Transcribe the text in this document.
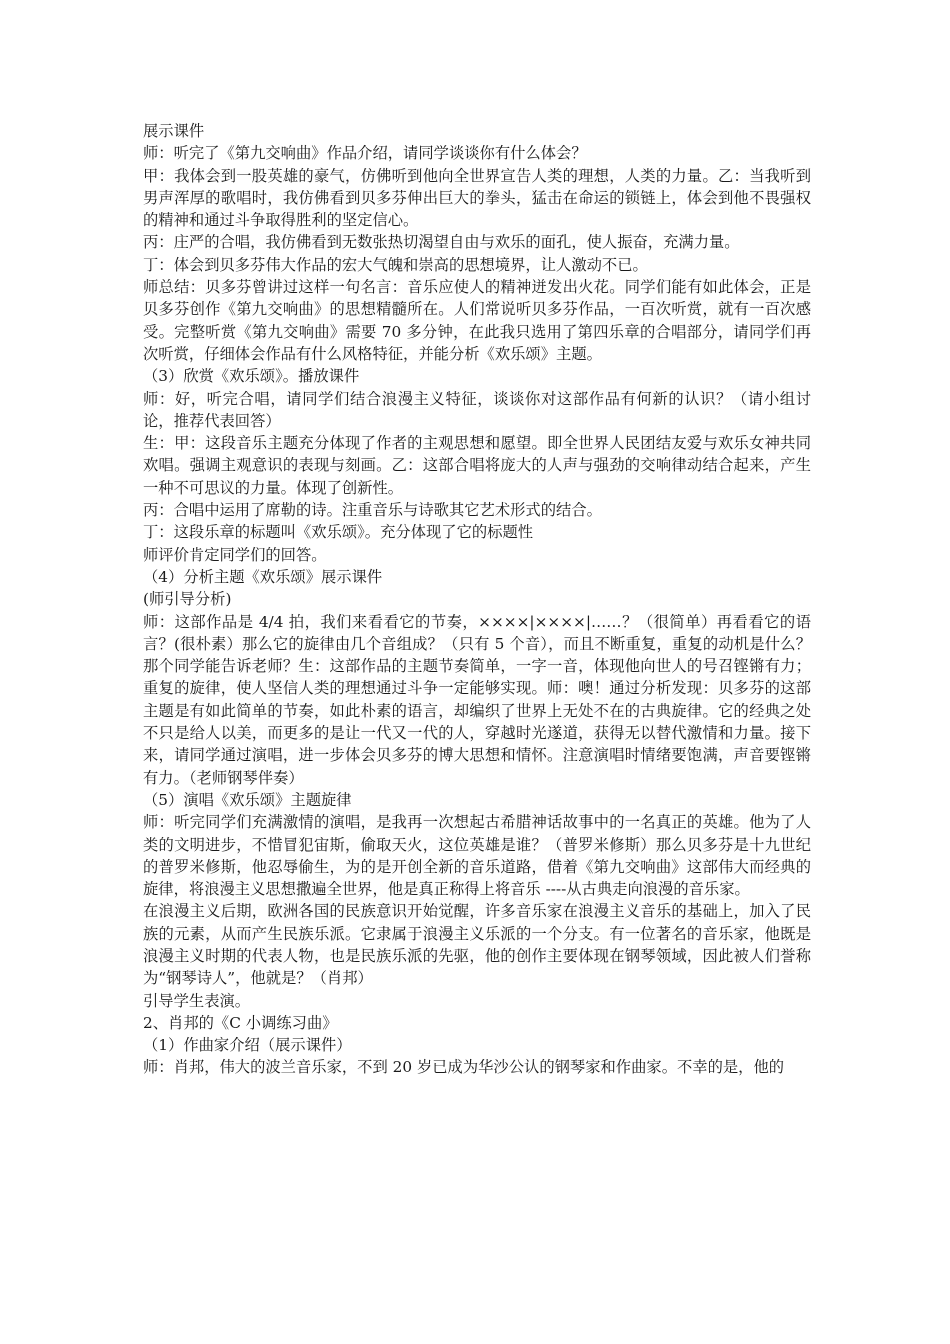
展示课件

师：听完了《第九交响曲》作品介绍，请同学谈谈你有什么体会？

甲：我体会到一股英雄的豪气，仿佛听到他向全世界宣告人类的理想，人类的力量。乙：当我听到男声浑厚的歌唱时，我仿佛看到贝多芬伸出巨大的拳头，猛击在命运的锁链上，体会到他不畏强权的精神和通过斗争取得胜利的坚定信心。

丙：庄严的合唱，我仿佛看到无数张热切渴望自由与欢乐的面孔，使人振奋，充满力量。

丁：体会到贝多芬伟大作品的宏大气魄和崇高的思想境界，让人激动不已。

师总结：贝多芬曾讲过这样一句名言：音乐应使人的精神迸发出火花。同学们能有如此体会，正是贝多芬创作《第九交响曲》的思想精髓所在。人们常说听贝多芬作品，一百次听赏，就有一百次感受。完整听赏《第九交响曲》需要 70 多分钟，在此我只选用了第四乐章的合唱部分，请同学们再次听赏，仔细体会作品有什么风格特征，并能分析《欢乐颂》主题。

（3）欣赏《欢乐颂》。播放课件

师：好，听完合唱，请同学们结合浪漫主义特征，谈谈你对这部作品有何新的认识？（请小组讨论，推荐代表回答）

生：甲：这段音乐主题充分体现了作者的主观思想和愿望。即全世界人民团结友爱与欢乐女神共同欢唱。强调主观意识的表现与刻画。乙：这部合唱将庞大的人声与强劲的交响律动结合起来，产生一种不可思议的力量。体现了创新性。

丙：合唱中运用了席勒的诗。注重音乐与诗歌其它艺术形式的结合。

丁：这段乐章的标题叫《欢乐颂》。充分体现了它的标题性

师评价肯定同学们的回答。

（4）分析主题《欢乐颂》展示课件

(师引导分析)

师：这部作品是 4/4 拍，我们来看看它的节奏，××××|××××|……？（很简单）再看看它的语言？(很朴素）那么它的旋律由几个音组成？（只有 5 个音），而且不断重复，重复的动机是什么？那个同学能告诉老师？生：这部作品的主题节奏简单，一字一音，体现他向世人的号召铿锵有力；重复的旋律，使人坚信人类的理想通过斗争一定能够实现。师：噢！通过分析发现：贝多芬的这部主题是有如此简单的节奏，如此朴素的语言，却编织了世界上无处不在的古典旋律。它的经典之处不只是给人以美，而更多的是让一代又一代的人，穿越时光遂道，获得无以替代激情和力量。接下来，请同学通过演唱，进一步体会贝多芬的博大思想和情怀。注意演唱时情绪要饱满，声音要铿锵有力。（老师钢琴伴奏）

（5）演唱《欢乐颂》主题旋律

师：听完同学们充满激情的演唱，是我再一次想起古希腊神话故事中的一名真正的英雄。他为了人类的文明进步，不惜冒犯宙斯，偷取天火，这位英雄是谁？（普罗米修斯）那么贝多芬是十九世纪的普罗米修斯，他忍辱偷生，为的是开创全新的音乐道路，借着《第九交响曲》这部伟大而经典的旋律，将浪漫主义思想撒遍全世界，他是真正称得上将音乐 ----从古典走向浪漫的音乐家。

在浪漫主义后期，欧洲各国的民族意识开始觉醒，许多音乐家在浪漫主义音乐的基础上，加入了民族的元素，从而产生民族乐派。它隶属于浪漫主义乐派的一个分支。有一位著名的音乐家，他既是浪漫主义时期的代表人物，也是民族乐派的先驱，他的创作主要体现在钢琴领域，因此被人们誉称为“钢琴诗人”，他就是？（肖邦）

引导学生表演。

2、肖邦的《C 小调练习曲》

（1）作曲家介绍（展示课件）

师：肖邦，伟大的波兰音乐家，不到 20 岁已成为华沙公认的钢琴家和作曲家。不幸的是，他的
